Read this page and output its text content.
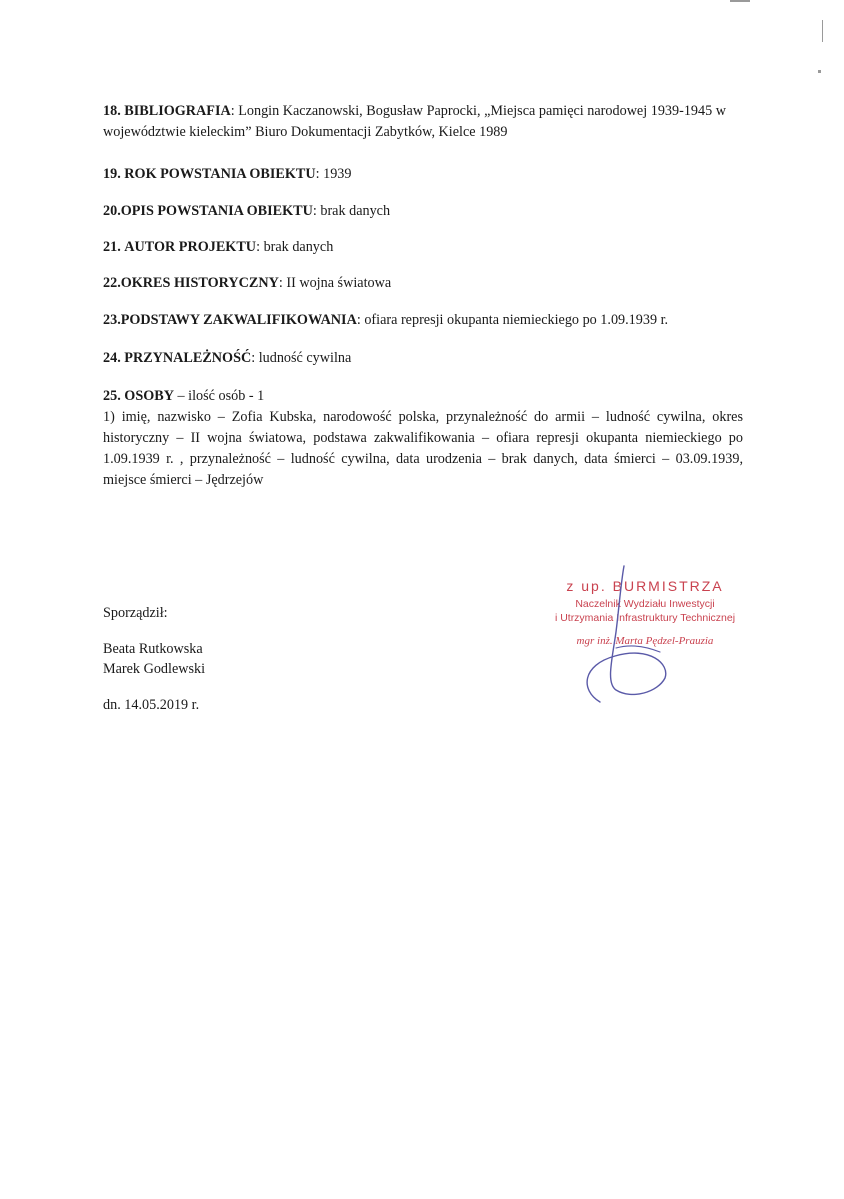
18. BIBLIOGRAFIA: Longin Kaczanowski, Bogusław Paprocki, „Miejsca pamięci narodowej 1939-1945 w województwie kieleckim” Biuro Dokumentacji Zabytków, Kielce 1989

19. ROK POWSTANIA OBIEKTU: 1939

20.OPIS POWSTANIA OBIEKTU: brak danych

21. AUTOR PROJEKTU: brak danych

22.OKRES HISTORYCZNY: II wojna światowa

23.PODSTAWY ZAKWALIFIKOWANIA: ofiara represji okupanta niemieckiego po 1.09.1939 r.

24. PRZYNALEŻNOŚĆ: ludność cywilna

25. OSOBY – ilość osób - 1

1) imię, nazwisko – Zofia Kubska, narodowość polska, przynależność do armii – ludność cywilna, okres historyczny – II wojna światowa, podstawa zakwalifikowania – ofiara represji okupanta niemieckiego po 1.09.1939 r. , przynależność – ludność cywilna, data urodzenia – brak danych, data śmierci – 03.09.1939, miejsce śmierci – Jędrzejów

Sporządził:

Beata Rutkowska

Marek Godlewski

dn. 14.05.2019 r.

z up. BURMISTRZA

Naczelnik Wydziału Inwestycji

i Utrzymania Infrastruktury Technicznej

mgr inż. Marta Pędzel-Prauzia
